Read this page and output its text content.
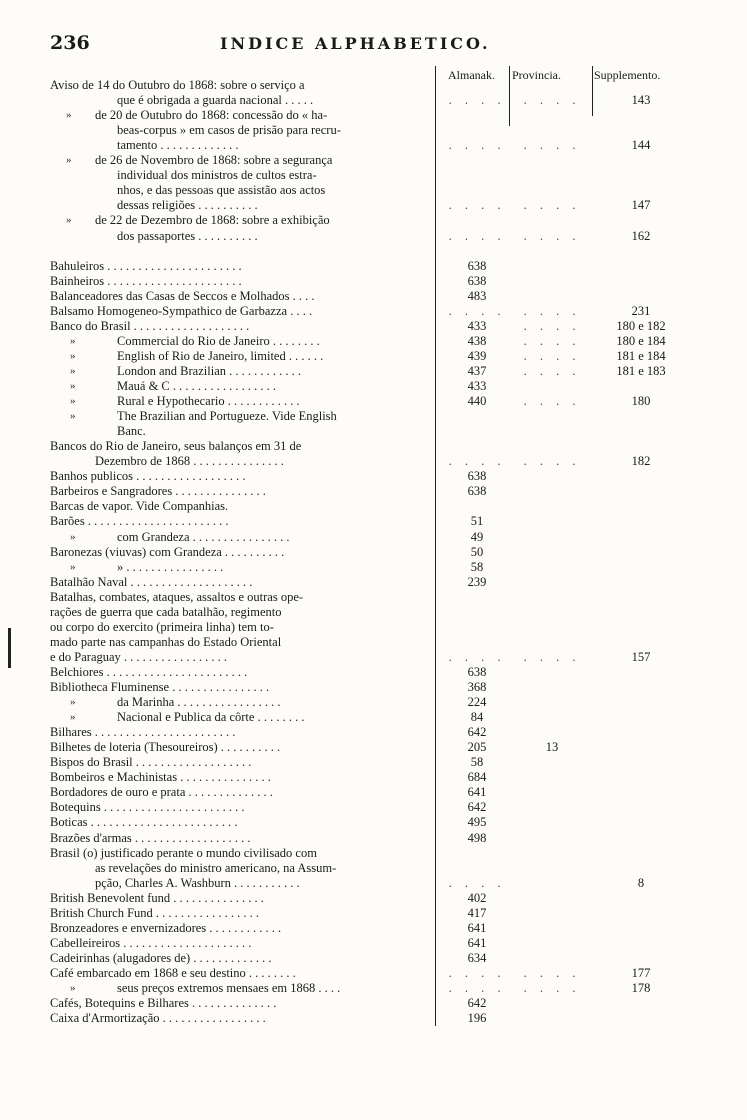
236	INDICE ALPHABETICO.
Almanak. Provincia.	Supplemento.
Aviso de 14 do Outubro do 1868: sobre o serviço a
que é obrigada a guarda nacional . . . . .	. . . .	. . . .	143
» de 20 de Outubro do 1868: concessão do « ha-
beas-corpus » em casos de prisão para recru-
tamento . . . . . . . . . . . . .	. . . .	. . . .	144
» de 26 de Novembro de 1868: sobre a segurança
individual dos ministros de cultos estra-
nhos, e das pessoas que assistão aos actos
dessas religiões . . . . . . . . . .	. . . .	. . . .	147
» de 22 de Dezembro de 1868: sobre a exhibição
dos passaportes . . . . . . . . . .	. . . .	. . . .	162
Bahuleiros . . . . . . . . . . . . . . . . . . . . . .	638
Bainheiros . . . . . . . . . . . . . . . . . . . . . .	638
Balanceadores das Casas de Seccos e Molhados . . . .	483
Balsamo Homogeneo-Sympathico de Garbazza . . . .	. . . .	. . . .	231
Banco do Brasil . . . . . . . . . . . . . . . . . . .	433	. . . .	180 e 182
»	Commercial do Rio de Janeiro . . . . . . . .	438	. . . .	180 e 184
»	English of Rio de Janeiro, limited . . . . . .	439	. . . .	181 e 184
»	London and Brazilian . . . . . . . . . . . .	437	. . . .	181 e 183
»	Mauá & C . . . . . . . . . . . . . . . . .	433
»	Rural e Hypothecario . . . . . . . . . . . .	440	. . . .	180
»	The Brazilian and Portugueze. Vide English
Banc.
Bancos do Rio de Janeiro, seus balanços em 31 de
Dezembro de 1868 . . . . . . . . . . . . . . .	. . . .	. . . .	182
Banhos publicos . . . . . . . . . . . . . . . . . .	638
Barbeiros e Sangradores . . . . . . . . . . . . . . .	638
Barcas de vapor. Vide Companhias.
Barões . . . . . . . . . . . . . . . . . . . . . . .	51
»	com Grandeza . . . . . . . . . . . . . . . .	49
Baronezas (viuvas) com Grandeza . . . . . . . . . .	50
»	» . . . . . . . . . . . . . . . .	58
Batalhão Naval . . . . . . . . . . . . . . . . . . . .	239
Batalhas, combates, ataques, assaltos e outras ope-
rações de guerra que cada batalhão, regimento
ou corpo do exercito (primeira linha) tem to-
mado parte nas campanhas do Estado Oriental
e do Paraguay . . . . . . . . . . . . . . . . .	. . . .	. . . .	157
Belchiores . . . . . . . . . . . . . . . . . . . . . . .	638
Bibliotheca Fluminense . . . . . . . . . . . . . . . .	368
»	da Marinha . . . . . . . . . . . . . . . . .	224
»	Nacional e Publica da côrte . . . . . . . .	84
Bilhares . . . . . . . . . . . . . . . . . . . . . . .	642
Bilhetes de loteria (Thesoureiros) . . . . . . . . . .	205	13
Bispos do Brasil . . . . . . . . . . . . . . . . . . .	58
Bombeiros e Machinistas . . . . . . . . . . . . . . .	684
Bordadores de ouro e prata . . . . . . . . . . . . . .	641
Botequins . . . . . . . . . . . . . . . . . . . . . . .	642
Boticas . . . . . . . . . . . . . . . . . . . . . . . .	495
Brazões d'armas . . . . . . . . . . . . . . . . . . .	498
Brasil (o) justificado perante o mundo civilisado com
as revelações do ministro americano, na Assum-
pção, Charles A. Washburn . . . . . . . . . . .	. . . .	8
British Benevolent fund . . . . . . . . . . . . . . .	402
British Church Fund . . . . . . . . . . . . . . . . .	417
Bronzeadores e envernizadores . . . . . . . . . . . .	641
Cabelleireiros . . . . . . . . . . . . . . . . . . . . .	641
Cadeirinhas (alugadores de) . . . . . . . . . . . . .	634
Café embarcado em 1868 e seu destino . . . . . . . .	. . . .	. . . .	177
»	seus preços extremos mensaes em 1868 . . . .	. . . .	. . . .	178
Cafés, Botequins e Bilhares . . . . . . . . . . . . . .	642
Caixa d'Armortização . . . . . . . . . . . . . . . . .	196
